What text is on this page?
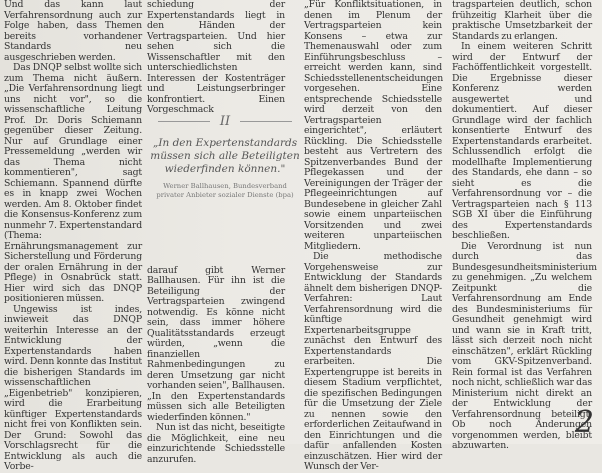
Und das kann laut Verfahrensordnung auch zur Folge haben, dass Themen bereits vorhandener Standards neu ausgeschrieben werden.

Das DNQP selbst wollte sich zum Thema nicht äußern. „Die Verfahrensordnung liegt uns nicht vor", so die wissenschaftliche Leitung Prof. Dr. Doris Schiemann gegenüber dieser Zeitung. Nur auf Grundlage einer Pressemeldung „werden wir das Thema nicht kommentieren", sagt Schiemann. Spannend dürfte es in knapp zwei Wochen werden. Am 8. Oktober findet die Konsensus-Konferenz zum nunmehr 7. Expertenstandard (Thema: Ernährungsmanagement zur Sicherstellung und Förderung der oralen Ernährung in der Pflege) in Osnabrück statt. Hier wird sich das DNQP positionieren müssen.

Ungewiss ist indes, inwieweit das DNQP weiterhin Interesse an der Entwicklung der Expertenstandards haben wird. Denn konnte das Institut die bisherigen Standards im wissenschaftlichen „Eigenbetrieb" konzipieren, wird die Erarbeitung künftiger Expertenstandards nicht frei von Konflikten sein. Der Grund: Sowohl das Vorschlagsrecht für die Entwicklung als auch die Vorbe-

schiedung der Expertenstandards liegt in den Händen der Vertragsparteien. Und hier sehen sich die Wissenschaftler mit den unterschiedlichsten Interessen der Kostenträger und Leistungserbringer konfrontiert. Einen Vorgeschmack

darauf gibt Werner Ballhausen. Für ihn ist die Beteiligung der Vertragsparteien zwingend notwendig. Es könne nicht sein, dass immer höhere Qualitätsstandards erzeugt würden, „wenn die finanziellen Rahmenbedingungen zu deren Umsetzung gar nicht vorhanden seien", Ballhausen. „In den Expertenstandards müssen sich alle Beteiligten wiederfinden können."

Nun ist das nicht, beseitigte die Möglichkeit, eine neu einzurichtende Schiedsstelle anzurufen.

II
„In den Expertenstandards müssen sich alle Beteiligten wiederfinden können."
Werner Ballhausen, Bundesverband privater Anbieter sozialer Dienste (bpa)

„Für Konfliktsituationen, in denen im Plenum der Vertragsparteien kein Konsens – etwa zur Themenauswahl oder zum Einführungsbeschluss – erreicht werden kann, sind Schiedsstellenentscheidungen vorgesehen. Eine entsprechende Schiedsstelle wird derzeit von den Vertragsparteien eingerichtet", erläutert Rückling. Die Schiedsstelle besteht aus Vertretern des Spitzenverbandes Bund der Pflegekassen und der Vereinigungen der Träger der Pflegeeinrichtungen auf Bundesebene in gleicher Zahl sowie einem unparteiischen Vorsitzenden und zwei weiteren unparteiischen Mitgliedern.

Die methodische Vorgehensweise zur Entwicklung der Standards ähnelt dem bisherigen DNQP-Verfahren: Laut Verfahrensordnung wird die künftige Expertenarbeitsgruppe zunächst den Entwurf des Expertenstandards erarbeiten. Die Expertengruppe ist bereits in diesem Stadium verpflichtet, die spezifischen Bedingungen für die Umsetzung der Ziele zu nennen sowie den erforderlichen Zeitaufwand in den Einrichtungen und die dafür anfallenden Kosten einzuschätzen. Hier wird der Wunsch der Ver-

tragsparteien deutlich, schon frühzeitig Klarheit über die praktische Umsetzbarkeit der Standards zu erlangen.

In einem weiteren Schritt wird der Entwurf der Fachöffentlichkeit vorgestellt. Die Ergebnisse dieser Konferenz werden ausgewertet und dokumentiert. Auf dieser Grundlage wird der fachlich konsentierte Entwurf des Expertenstandards erarbeitet. Schlussendlich erfolgt die modellhafte Implementierung des Standards, ehe dann – so sieht es die Verfahrensordnung vor – die Vertragsparteien nach § 113 SGB XI über die Einführung des Expertenstandards beschließen.

Die Verordnung ist nun durch das Bundesgesundheitsministerium zu genehmigen. „Zu welchem Zeitpunkt die Verfahrensordnung am Ende des Bundesministeriums für Gesundheit genehmigt wird und wann sie in Kraft tritt, lässt sich derzeit noch nicht einschätzen", erklärt Rückling vom GKV-Spitzenverband. Rein formal ist das Verfahren noch nicht, schließlich war das Ministerium nicht direkt an der Entwicklung der Verfahrensordnung beteiligt. Ob noch Änderungen vorgenommen werden, bleibt abzuwarten.

2
